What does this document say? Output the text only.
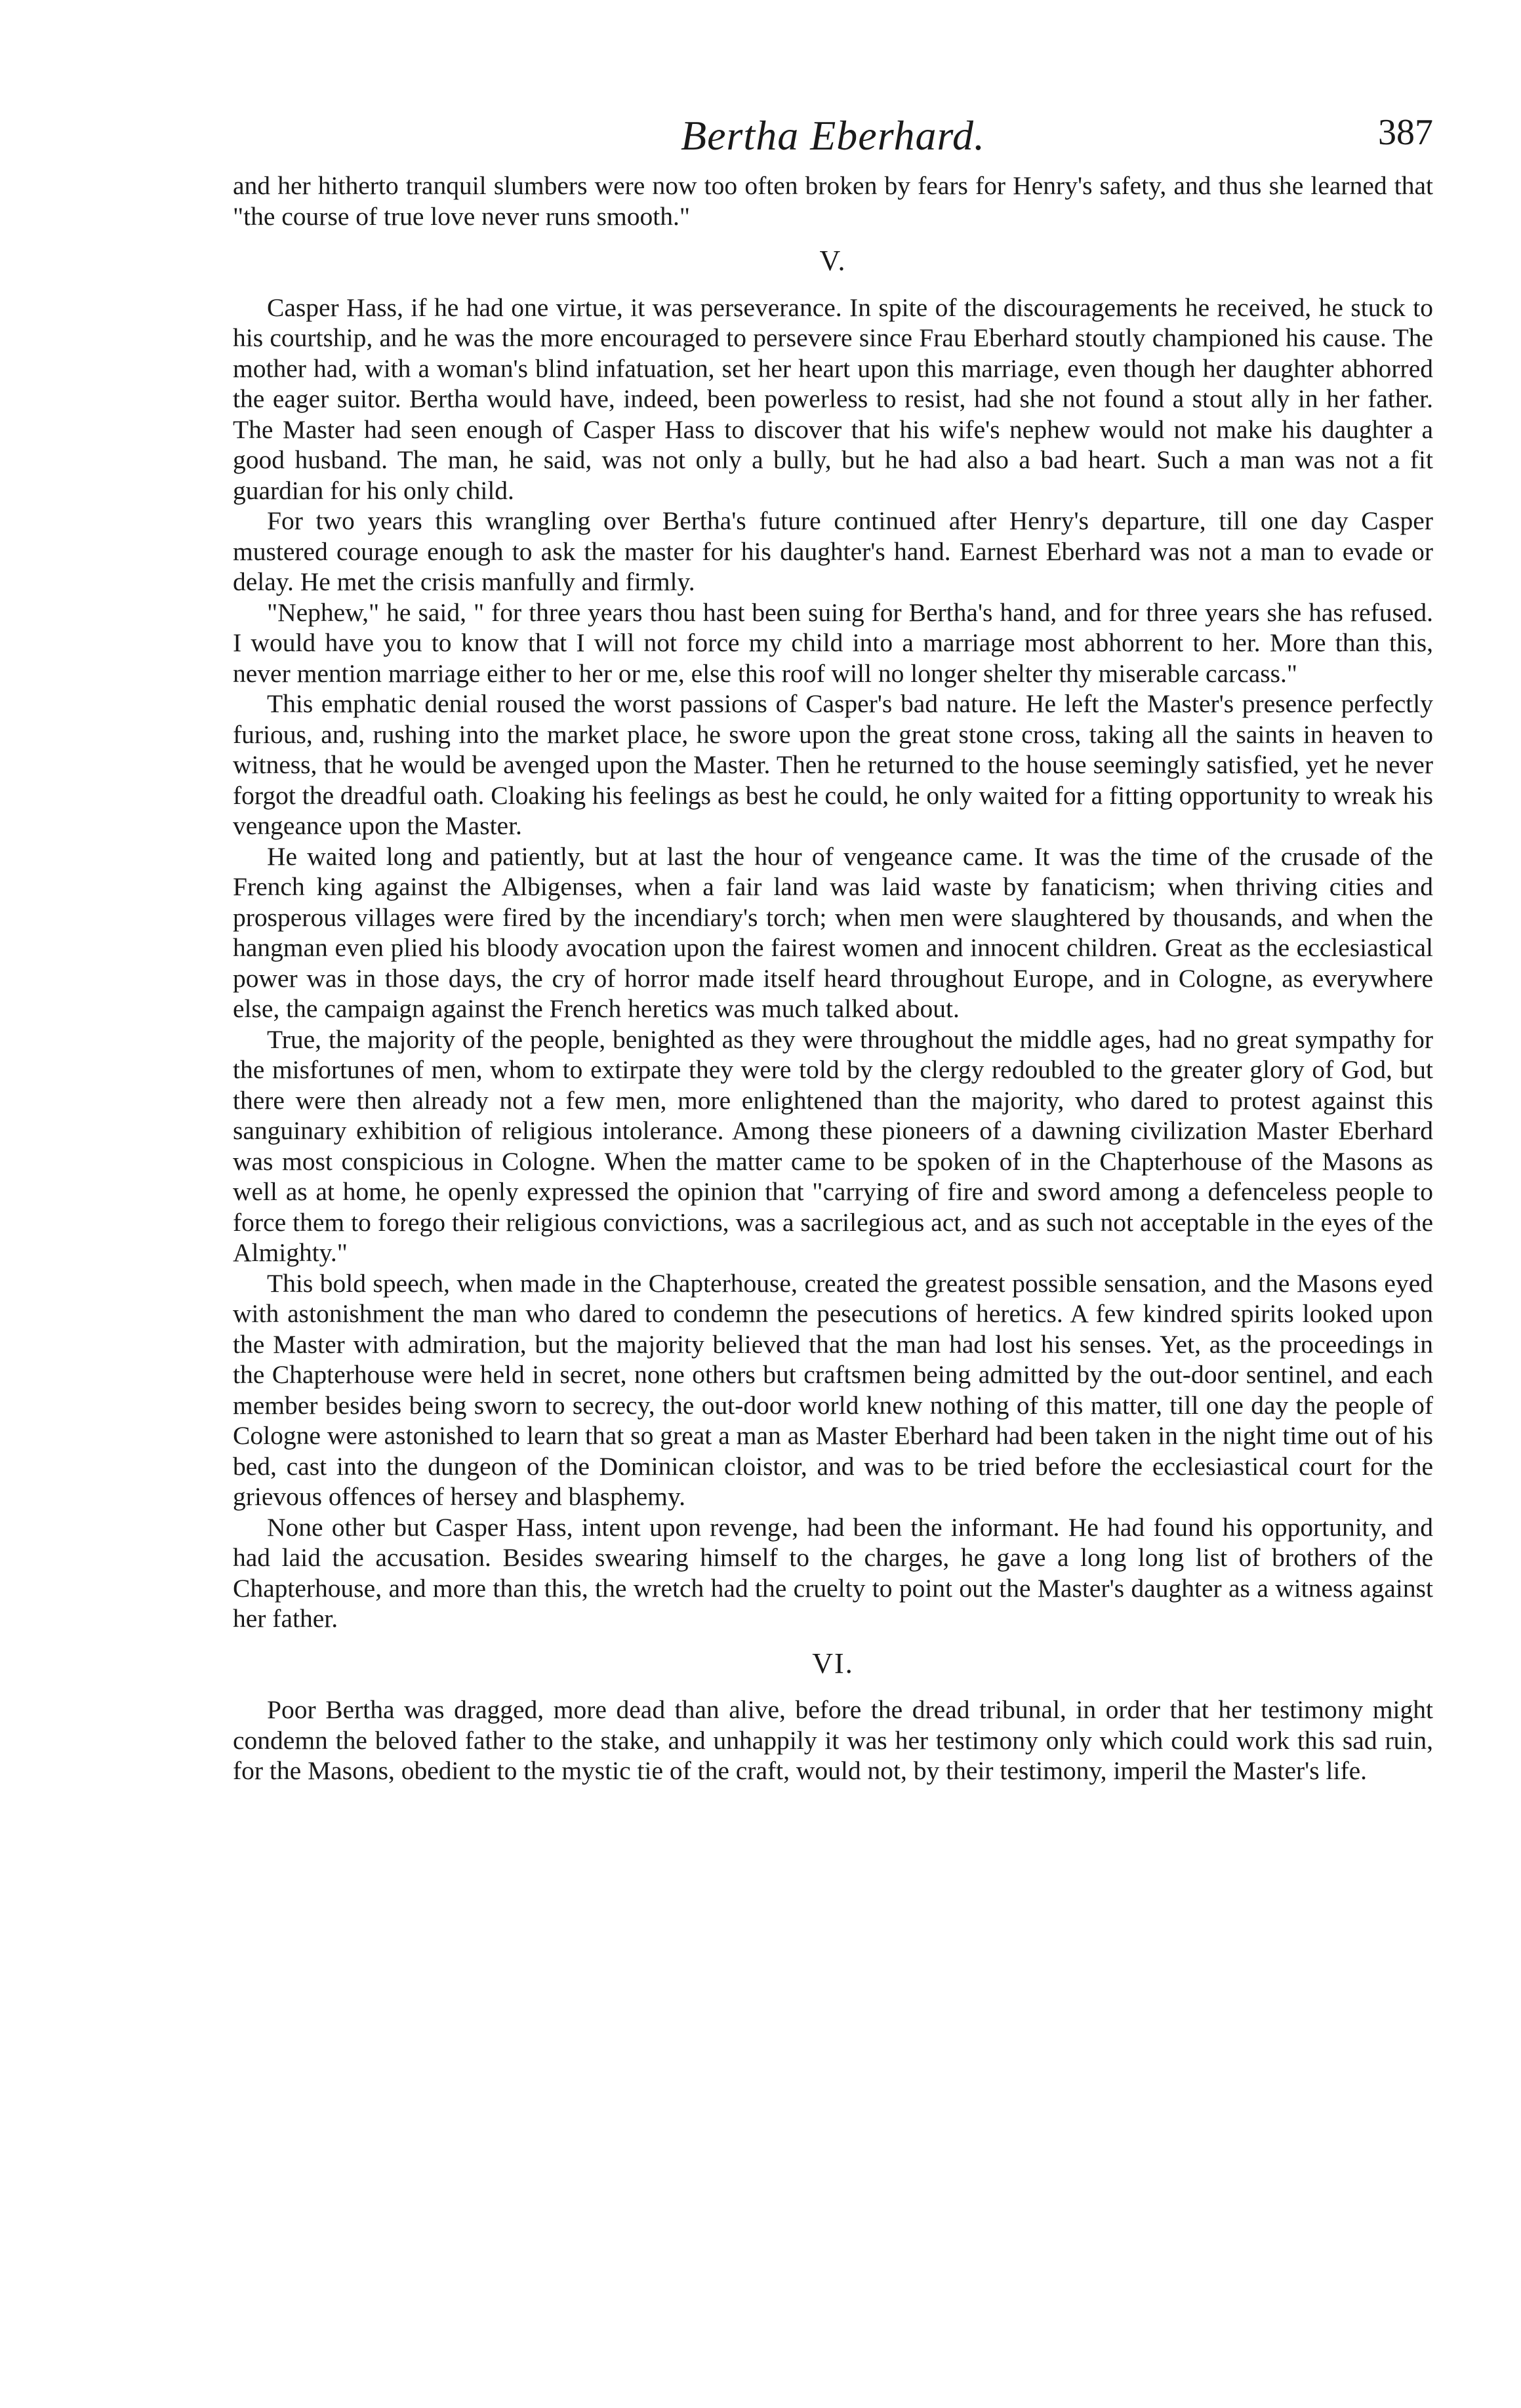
Bertha Eberhard.	387

and her hitherto tranquil slumbers were now too often broken by fears for Henry's safety, and thus she learned that "the course of true love never runs smooth."

V.

Casper Hass, if he had one virtue, it was perseverance. In spite of the discouragements he received, he stuck to his courtship, and he was the more encouraged to persevere since Frau Eberhard stoutly championed his cause. The mother had, with a woman's blind infatuation, set her heart upon this marriage, even though her daughter abhorred the eager suitor. Bertha would have, indeed, been powerless to resist, had she not found a stout ally in her father. The Master had seen enough of Casper Hass to discover that his wife's nephew would not make his daughter a good husband. The man, he said, was not only a bully, but he had also a bad heart. Such a man was not a fit guardian for his only child.

For two years this wrangling over Bertha's future continued after Henry's departure, till one day Casper mustered courage enough to ask the master for his daughter's hand. Earnest Eberhard was not a man to evade or delay. He met the crisis manfully and firmly.

"Nephew," he said, " for three years thou hast been suing for Bertha's hand, and for three years she has refused. I would have you to know that I will not force my child into a marriage most abhorrent to her. More than this, never mention marriage either to her or me, else this roof will no longer shelter thy miserable carcass."

This emphatic denial roused the worst passions of Casper's bad nature. He left the Master's presence perfectly furious, and, rushing into the market place, he swore upon the great stone cross, taking all the saints in heaven to witness, that he would be avenged upon the Master. Then he returned to the house seemingly satisfied, yet he never forgot the dreadful oath. Cloaking his feelings as best he could, he only waited for a fitting opportunity to wreak his vengeance upon the Master.

He waited long and patiently, but at last the hour of vengeance came. It was the time of the crusade of the French king against the Albigenses, when a fair land was laid waste by fanaticism; when thriving cities and prosperous villages were fired by the incendiary's torch; when men were slaughtered by thousands, and when the hangman even plied his bloody avocation upon the fairest women and innocent children. Great as the ecclesiastical power was in those days, the cry of horror made itself heard throughout Europe, and in Cologne, as everywhere else, the campaign against the French heretics was much talked about.

True, the majority of the people, benighted as they were throughout the middle ages, had no great sympathy for the misfortunes of men, whom to extirpate they were told by the clergy redoubled to the greater glory of God, but there were then already not a few men, more enlightened than the majority, who dared to protest against this sanguinary exhibition of religious intolerance. Among these pioneers of a dawning civilization Master Eberhard was most conspicious in Cologne. When the matter came to be spoken of in the Chapterhouse of the Masons as well as at home, he openly expressed the opinion that "carrying of fire and sword among a defenceless people to force them to forego their religious convictions, was a sacrilegious act, and as such not acceptable in the eyes of the Almighty."

This bold speech, when made in the Chapterhouse, created the greatest possible sensation, and the Masons eyed with astonishment the man who dared to condemn the pesecutions of heretics. A few kindred spirits looked upon the Master with admiration, but the majority believed that the man had lost his senses. Yet, as the proceedings in the Chapterhouse were held in secret, none others but craftsmen being admitted by the out-door sentinel, and each member besides being sworn to secrecy, the out-door world knew nothing of this matter, till one day the people of Cologne were astonished to learn that so great a man as Master Eberhard had been taken in the night time out of his bed, cast into the dungeon of the Dominican cloistor, and was to be tried before the ecclesiastical court for the grievous offences of hersey and blasphemy.

None other but Casper Hass, intent upon revenge, had been the informant. He had found his opportunity, and had laid the accusation. Besides swearing himself to the charges, he gave a long long list of brothers of the Chapterhouse, and more than this, the wretch had the cruelty to point out the Master's daughter as a witness against her father.

VI.

Poor Bertha was dragged, more dead than alive, before the dread tribunal, in order that her testimony might condemn the beloved father to the stake, and unhappily it was her testimony only which could work this sad ruin, for the Masons, obedient to the mystic tie of the craft, would not, by their testimony, imperil the Master's life.
